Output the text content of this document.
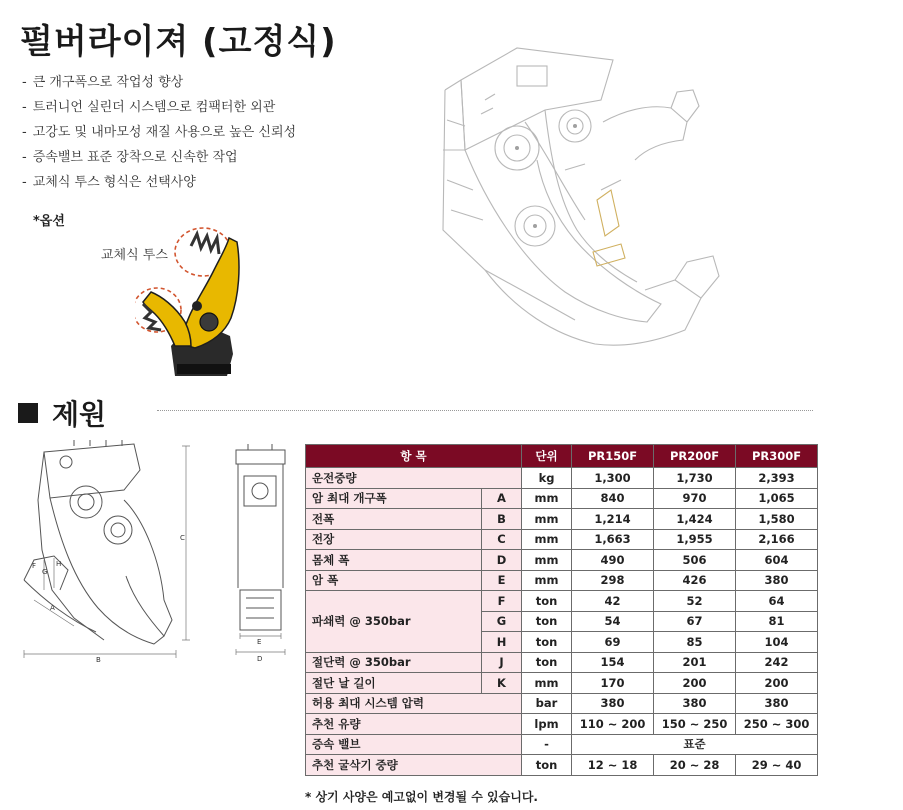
펄버라이져 (고정식)
- 큰 개구폭으로 작업성 향상
- 트러니언 실린더 시스템으로 컴팩터한 외관
- 고강도 및 내마모성 재질 사용으로 높은 신뢰성
- 증속밸브 표준 장착으로 신속한 작업
- 교체식 투스 형식은 선택사양
*옵션
교체식 투스
제원
C
B
A
F
G
H
E
D
항 목		단위	PR150F	PR200F	PR300F
운전중량		kg	1,300	1,730	2,393
암 최대 개구폭	A	mm	840	970	1,065
전폭	B	mm	1,214	1,424	1,580
전장	C	mm	1,663	1,955	2,166
몸체 폭	D	mm	490	506	604
암 폭	E	mm	298	426	380
파쇄력 @ 350bar	F	ton	42	52	64
	G	ton	54	67	81
	H	ton	69	85	104
절단력 @ 350bar	J	ton	154	201	242
절단 날 길이	K	mm	170	200	200
허용 최대 시스템 압력		bar	380	380	380
추천 유량		lpm	110 ~ 200	150 ~ 250	250 ~ 300
증속 밸브		-	표준		
추천 굴삭기 중량		ton	12 ~ 18	20 ~ 28	29 ~ 40
* 상기 사양은 예고없이 변경될 수 있습니다.
